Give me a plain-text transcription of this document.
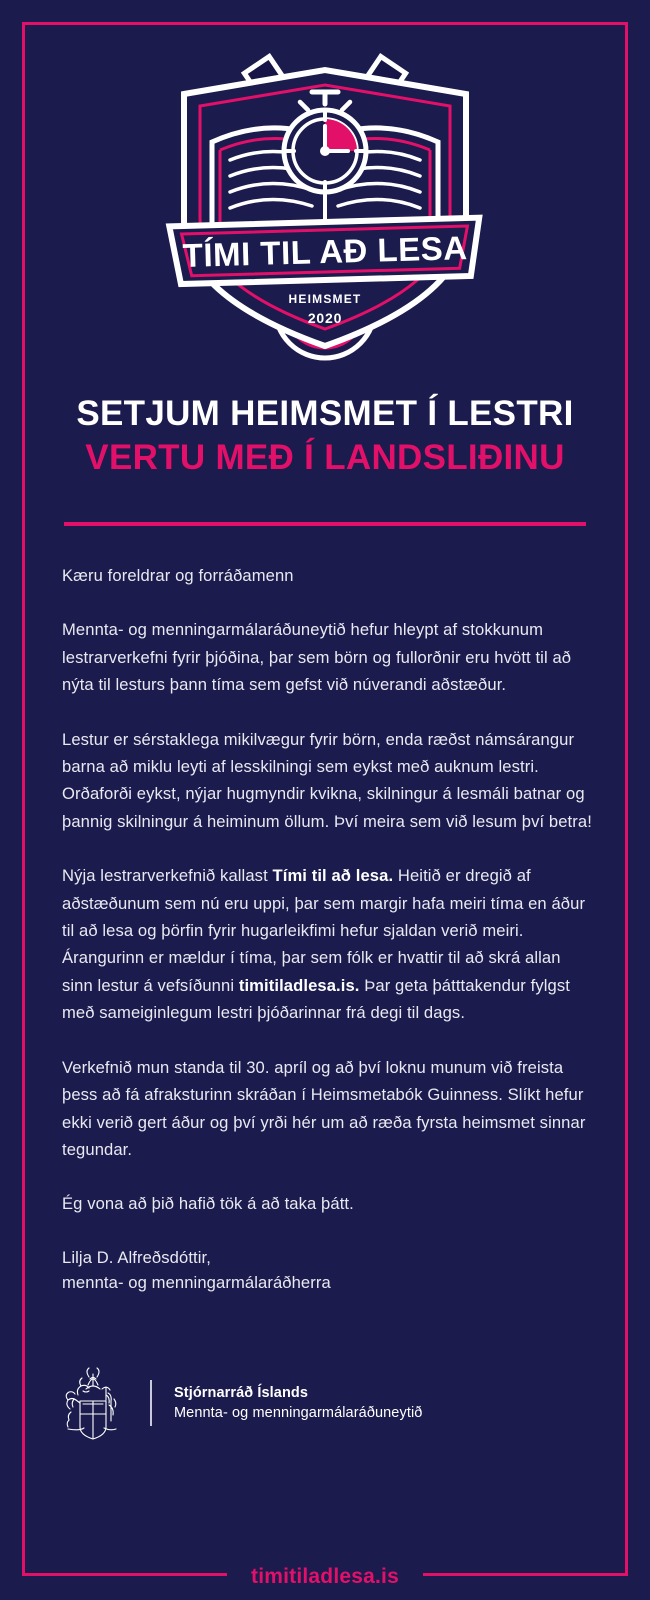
TÍMI TIL AÐ LESA
HEIMSMET
2020
SETJUM HEIMSMET Í LESTRI
VERTU MEÐ Í LANDSLIÐINU

Kæru foreldrar og forráðamenn

Mennta- og menningarmálaráðuneytið hefur hleypt af stokkunum lestrarverkefni fyrir þjóðina, þar sem börn og fullorðnir eru hvött til að nýta til lesturs þann tíma sem gefst við núverandi aðstæður.

Lestur er sérstaklega mikilvægur fyrir börn, enda ræðst námsárangur barna að miklu leyti af lesskilningi sem eykst með auknum lestri. Orðaforði eykst, nýjar hugmyndir kvikna, skilningur á lesmáli batnar og þannig skilningur á heiminum öllum. Því meira sem við lesum því betra!

Nýja lestrarverkefnið kallast Tími til að lesa. Heitið er dregið af aðstæðunum sem nú eru uppi, þar sem margir hafa meiri tíma en áður til að lesa og þörfin fyrir hugarleikfimi hefur sjaldan verið meiri. Árangurinn er mældur í tíma, þar sem fólk er hvattir til að skrá allan sinn lestur á vefsíðunni timitiladlesa.is. Þar geta þátttakendur fylgst með sameiginlegum lestri þjóðarinnar frá degi til dags.

Verkefnið mun standa til 30. apríl og að því loknu munum við freista þess að fá afraksturinn skráðan í Heimsmetabók Guinness. Slíkt hefur ekki verið gert áður og því yrði hér um að ræða fyrsta heimsmet sinnar tegundar.

Ég vona að þið hafið tök á að taka þátt.

Lilja D. Alfreðsdóttir,
mennta- og menningarmálaráðherra

Stjórnarráð Íslands
Mennta- og menningarmálaráðuneytið
timitiladlesa.is
